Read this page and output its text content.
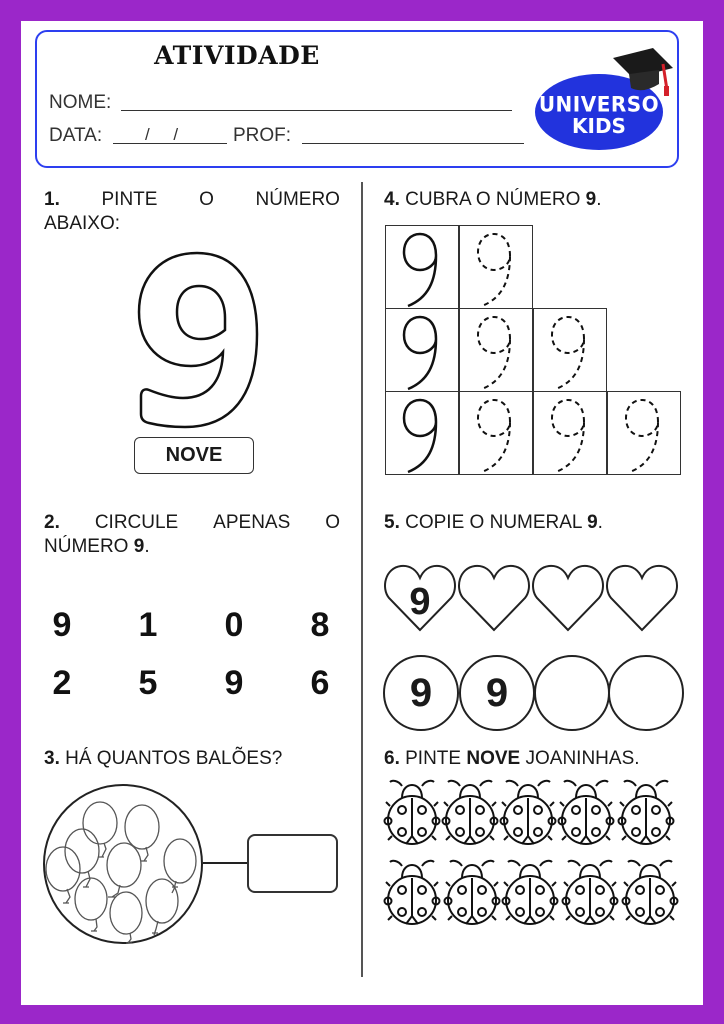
ATIVIDADE
NOME:
DATA:	/     /	PROF:
UNIVERSO
KIDS
1. PINTE O NÚMERO
ABAIXO:
NOVE
2. CIRCULE APENAS O
NÚMERO 9.
9	1	0	8
2	5	9	6
3. HÁ QUANTOS BALÕES?
4. CUBRA O NÚMERO 9.
5. COPIE O NUMERAL 9.
9
9	9
6. PINTE NOVE JOANINHAS.
